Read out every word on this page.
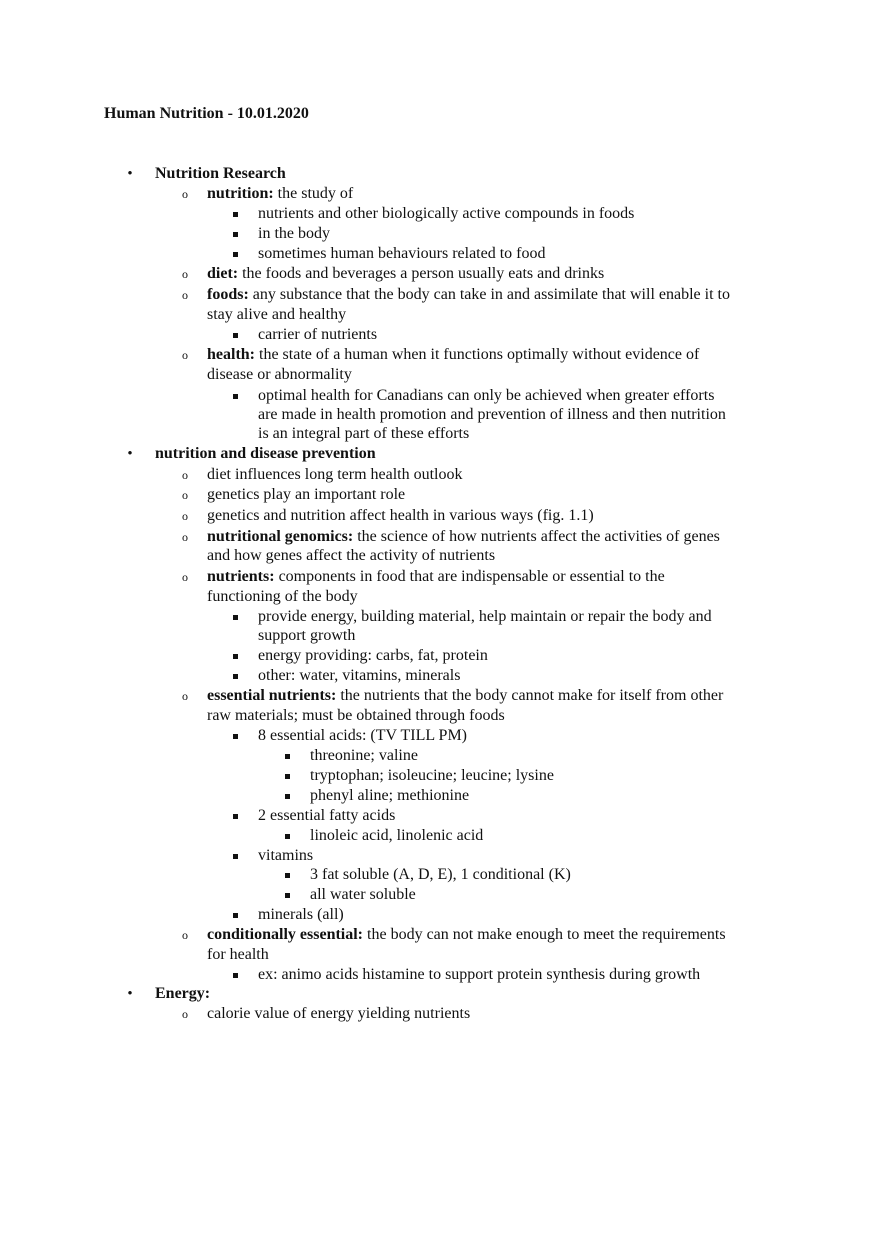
Human Nutrition - 10.01.2020
• Nutrition Research
o nutrition: the study of
nutrients and other biologically active compounds in foods
in the body
sometimes human behaviours related to food
o diet: the foods and beverages a person usually eats and drinks
o foods: any substance that the body can take in and assimilate that will enable it to
stay alive and healthy
carrier of nutrients
o health: the state of a human when it functions optimally without evidence of
disease or abnormality
optimal health for Canadians can only be achieved when greater efforts
are made in health promotion and prevention of illness and then nutrition
is an integral part of these efforts
• nutrition and disease prevention
o diet influences long term health outlook
o genetics play an important role
o genetics and nutrition affect health in various ways (fig. 1.1)
o nutritional genomics: the science of how nutrients affect the activities of genes
and how genes affect the activity of nutrients
o nutrients: components in food that are indispensable or essential to the
functioning of the body
provide energy, building material, help maintain or repair the body and
support growth
energy providing: carbs, fat, protein
other: water, vitamins, minerals
o essential nutrients: the nutrients that the body cannot make for itself from other
raw materials; must be obtained through foods
8 essential acids: (TV TILL PM)
threonine; valine
tryptophan; isoleucine; leucine; lysine
phenyl aline; methionine
2 essential fatty acids
linoleic acid, linolenic acid
vitamins
3 fat soluble (A, D, E), 1 conditional (K)
all water soluble
minerals (all)
o conditionally essential: the body can not make enough to meet the requirements
for health
ex: animo acids histamine to support protein synthesis during growth
• Energy:
o calorie value of energy yielding nutrients
